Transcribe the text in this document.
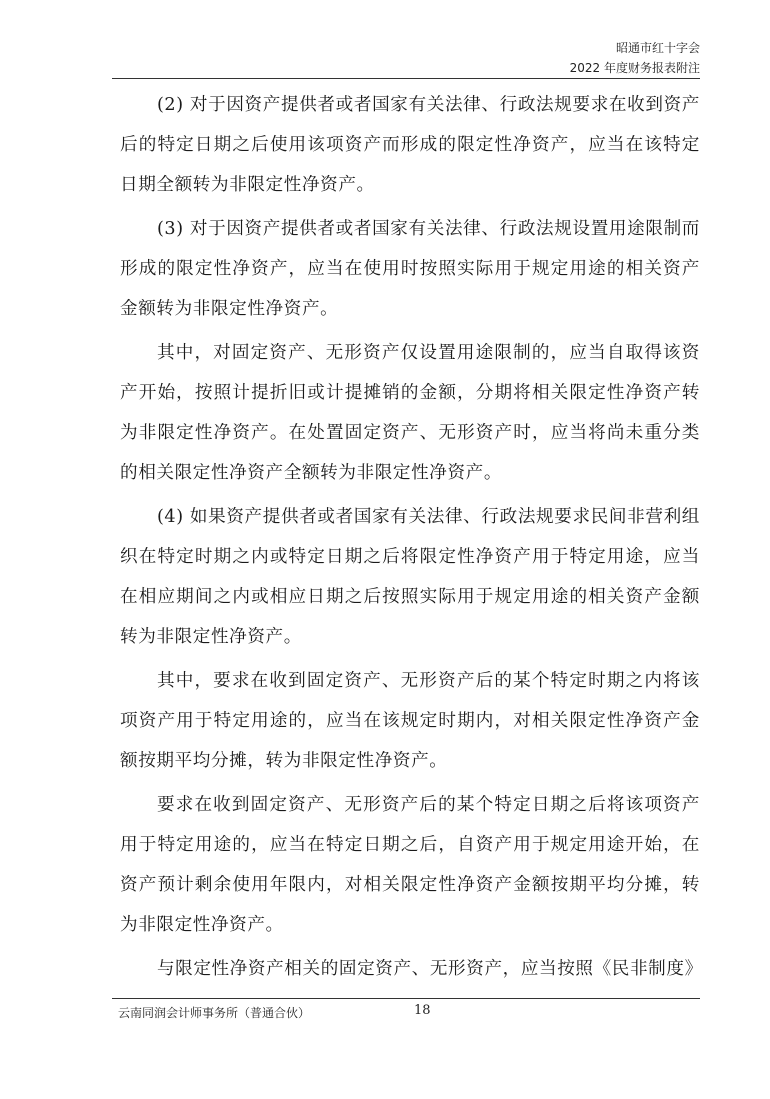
昭通市红十字会
2022 年度财务报表附注

(2) 对于因资产提供者或者国家有关法律、行政法规要求在收到资产后的特定日期之后使用该项资产而形成的限定性净资产，应当在该特定日期全额转为非限定性净资产。

(3) 对于因资产提供者或者国家有关法律、行政法规设置用途限制而形成的限定性净资产，应当在使用时按照实际用于规定用途的相关资产金额转为非限定性净资产。

其中，对固定资产、无形资产仅设置用途限制的，应当自取得该资产开始，按照计提折旧或计提摊销的金额，分期将相关限定性净资产转为非限定性净资产。在处置固定资产、无形资产时，应当将尚未重分类的相关限定性净资产全额转为非限定性净资产。

(4) 如果资产提供者或者国家有关法律、行政法规要求民间非营利组织在特定时期之内或特定日期之后将限定性净资产用于特定用途，应当在相应期间之内或相应日期之后按照实际用于规定用途的相关资产金额转为非限定性净资产。

其中，要求在收到固定资产、无形资产后的某个特定时期之内将该项资产用于特定用途的，应当在该规定时期内，对相关限定性净资产金额按期平均分摊，转为非限定性净资产。

要求在收到固定资产、无形资产后的某个特定日期之后将该项资产用于特定用途的，应当在特定日期之后，自资产用于规定用途开始，在资产预计剩余使用年限内，对相关限定性净资产金额按期平均分摊，转为非限定性净资产。

与限定性净资产相关的固定资产、无形资产，应当按照《民非制度》

云南同润会计师事务所（普通合伙）	18
